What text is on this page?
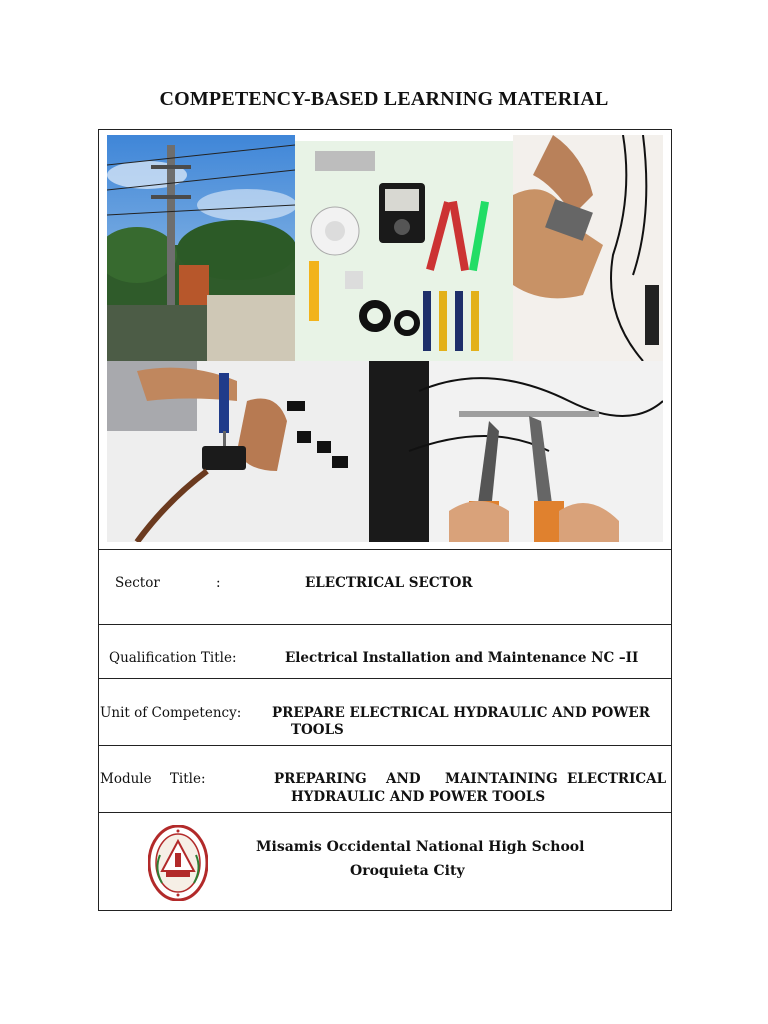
COMPETENCY-BASED LEARNING MATERIAL
Sector	:	ELECTRICAL SECTOR
Qualification Title:	Electrical Installation and Maintenance NC –II
Unit of Competency: PREPARE ELECTRICAL HYDRAULIC AND POWER
TOOLS
Module Title:	PREPARING AND MAINTAINING ELECTRICAL
HYDRAULIC AND POWER TOOLS
Misamis Occidental National High School
Oroquieta City
